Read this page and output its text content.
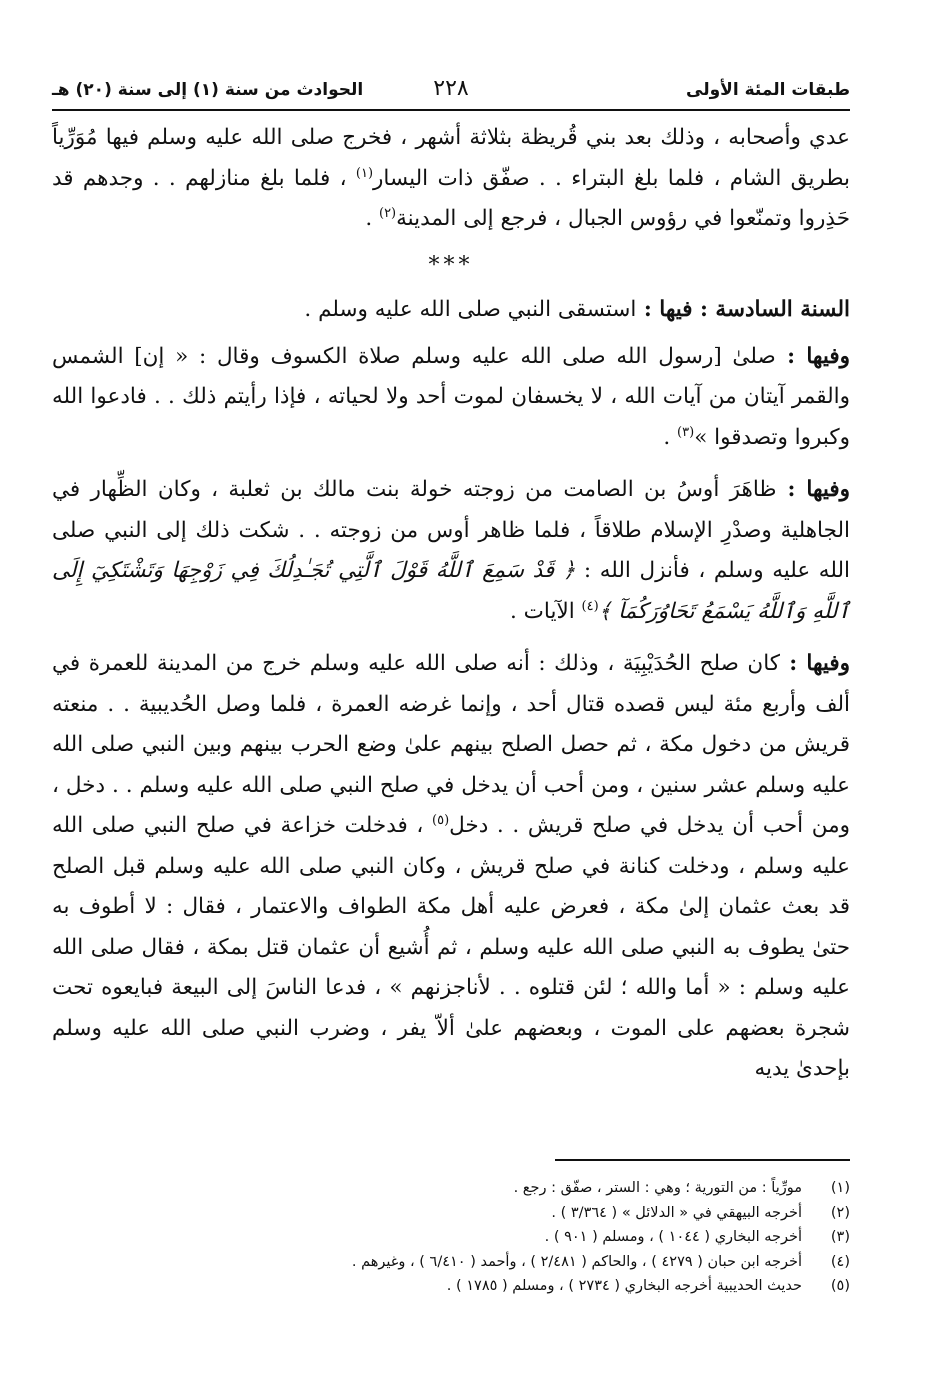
طبقات المئة الأولى
٢٢٨
الحوادث من سنة (١) إلى سنة (٢٠) هـ

عدي وأصحابه ، وذلك بعد بني قُريظة بثلاثة أشهر ، فخرج صلى الله عليه وسلم فيها مُوَرِّياً بطريق الشام ، فلما بلغ البتراء . . صفّق ذات اليسار$^{(١)}$ ، فلما بلغ منازلهم . . وجدهم قد حَذِروا وتمنّعوا في رؤوس الجبال ، فرجع إلى المدينة$^{(٢)}$ .

***

السنة السادسة : فيها : استسقى النبي صلى الله عليه وسلم .

وفيها : صلىٰ [رسول الله صلى الله عليه وسلم صلاة الكسوف وقال : « إن] الشمس والقمر آيتان من آيات الله ، لا يخسفان لموت أحد ولا لحياته ، فإذا رأيتم ذلك . . فادعوا الله وكبروا وتصدقوا »$^{(٣)}$ .

وفيها : ظاهَرَ أوسُ بن الصامت من زوجته خولة بنت مالك بن ثعلبة ، وكان الظِّهار في الجاهلية وصدْرِ الإسلام طلاقاً ، فلما ظاهر أوس من زوجته . . شكت ذلك إلى النبي صلى الله عليه وسلم ، فأنزل الله : ﴿ قَدْ سَمِعَ ٱللَّهُ قَوْلَ ٱلَّتِي تُجَـٰدِلُكَ فِي زَوْجِهَا وَتَشْتَكِيٓ إِلَى ٱللَّهِ وَٱللَّهُ يَسْمَعُ تَحَاوُرَكُمَآ ﴾$^{(٤)}$ الآيات .

وفيها : كان صلح الحُدَيْبِيَة ، وذلك : أنه صلى الله عليه وسلم خرج من المدينة للعمرة في ألف وأربع مئة ليس قصده قتال أحد ، وإنما غرضه العمرة ، فلما وصل الحُديبية . . منعته قريش من دخول مكة ، ثم حصل الصلح بينهم علىٰ وضع الحرب بينهم وبين النبي صلى الله عليه وسلم عشر سنين ، ومن أحب أن يدخل في صلح النبي صلى الله عليه وسلم . . دخل ، ومن أحب أن يدخل في صلح قريش . . دخل$^{(٥)}$ ، فدخلت خزاعة في صلح النبي صلى الله عليه وسلم ، ودخلت كنانة في صلح قريش ، وكان النبي صلى الله عليه وسلم قبل الصلح قد بعث عثمان إلىٰ مكة ، فعرض عليه أهل مكة الطواف والاعتمار ، فقال : لا أطوف به حتىٰ يطوف به النبي صلى الله عليه وسلم ، ثم أُشيع أن عثمان قتل بمكة ، فقال صلى الله عليه وسلم : « أما والله ؛ لئن قتلوه . . لأناجزنهم » ، فدعا الناسَ إلى البيعة فبايعوه تحت شجرة بعضهم على الموت ، وبعضهم علىٰ ألاّ يفر ، وضرب النبي صلى الله عليه وسلم بإحدىٰ يديه

(١)
مورِّياً : من التورية ؛ وهي : الستر ، صفّق : رجع .
(٢)
أخرجه البيهقي في « الدلائل » ( ٣/٣٦٤ ) .
(٣)
أخرجه البخاري ( ١٠٤٤ ) ، ومسلم ( ٩٠١ ) .
(٤)
أخرجه ابن حبان ( ٤٢٧٩ ) ، والحاكم ( ٢/٤٨١ ) ، وأحمد ( ٦/٤١٠ ) ، وغيرهم .
(٥)
حديث الحديبية أخرجه البخاري ( ٢٧٣٤ ) ، ومسلم ( ١٧٨٥ ) .
